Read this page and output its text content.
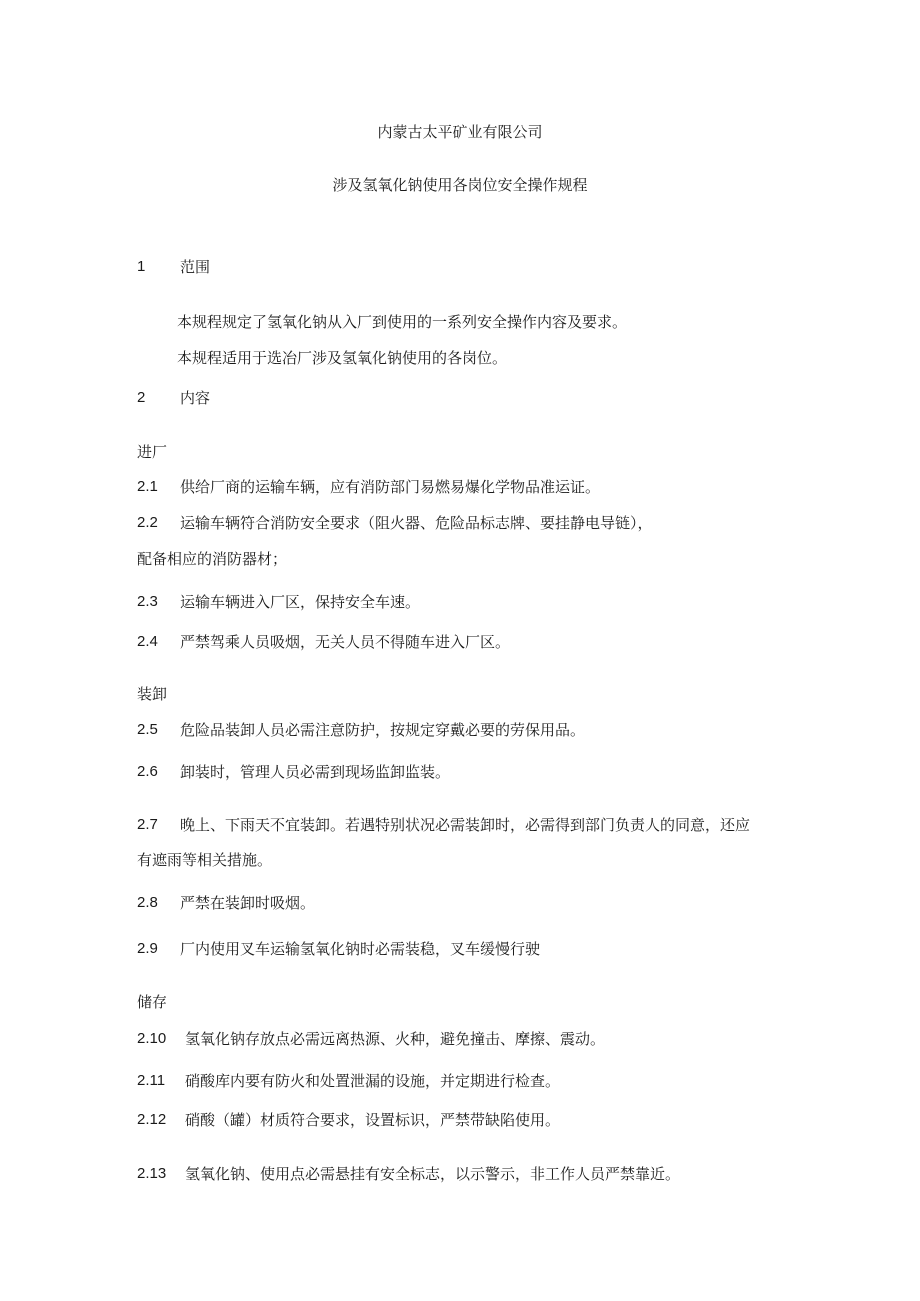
内蒙古太平矿业有限公司
涉及氢氧化钠使用各岗位安全操作规程
1 范围
本规程规定了氢氧化钠从入厂到使用的一系列安全操作内容及要求。
本规程适用于选冶厂涉及氢氧化钠使用的各岗位。
2 内容
进厂
2.1 供给厂商的运输车辆，应有消防部门易燃易爆化学物品准运证。
2.2 运输车辆符合消防安全要求（阻火器、危险品标志牌、要挂静电导链），
配备相应的消防器材；
2.3 运输车辆进入厂区，保持安全车速。
2.4 严禁驾乘人员吸烟，无关人员不得随车进入厂区。
装卸
2.5 危险品装卸人员必需注意防护，按规定穿戴必要的劳保用品。
2.6 卸装时，管理人员必需到现场监卸监装。
2.7 晚上、下雨天不宜装卸。若遇特别状况必需装卸时，必需得到部门负责人的同意，还应
有遮雨等相关措施。
2.8 严禁在装卸时吸烟。
2.9 厂内使用叉车运输氢氧化钠时必需装稳，叉车缓慢行驶
储存
2.10 氢氧化钠存放点必需远离热源、火种，避免撞击、摩擦、震动。
2.11 硝酸库内要有防火和处置泄漏的设施，并定期进行检查。
2.12 硝酸（罐）材质符合要求，设置标识，严禁带缺陷使用。
2.13 氢氧化钠、使用点必需悬挂有安全标志，以示警示，非工作人员严禁靠近。
